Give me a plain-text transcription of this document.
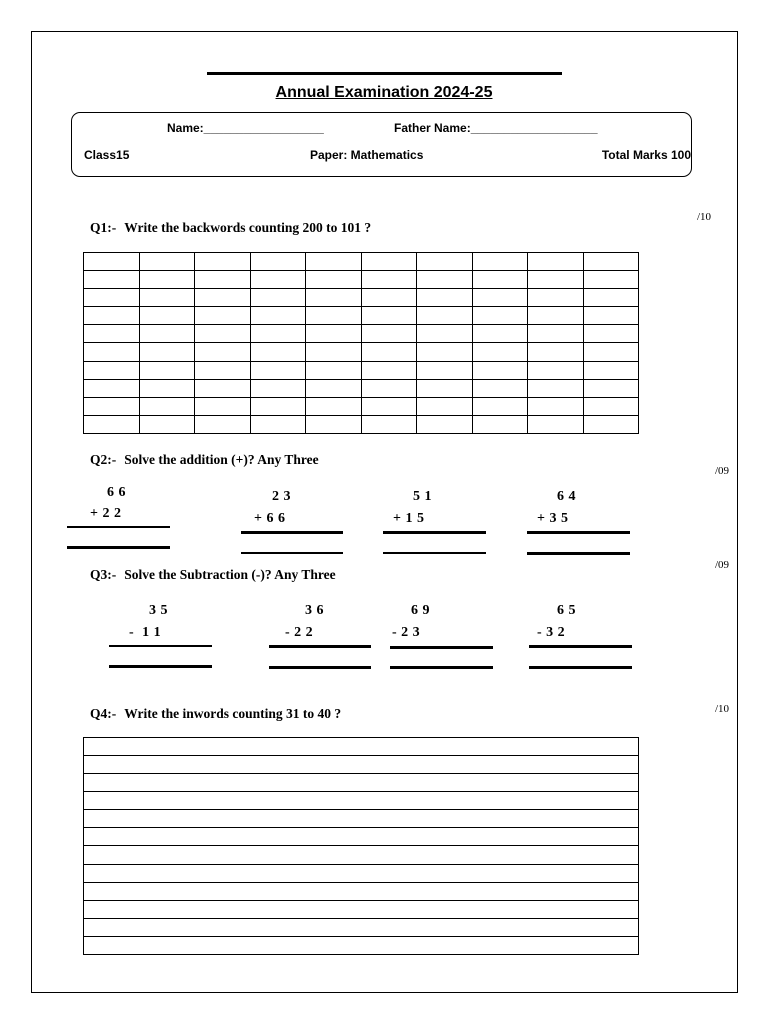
Annual Examination 2024-25
Name:__________________	Father Name:___________________
Class15	Paper: Mathematics	Total Marks 100
Q1:- Write the backwords counting 200 to 101 ?
/10

Q2:- Solve the addition (+)? Any Three
/09
6 6
+ 2 2
2 3
+ 6 6
5 1
+ 1 5
6 4
+ 3 5
Q3:- Solve the Subtraction (-)? Any Three
/09
3 5
-  1 1
3 6
- 2 2
6 9
- 2 3
6 5
- 3 2
Q4:- Write the inwords counting 31 to 40 ?	/10
